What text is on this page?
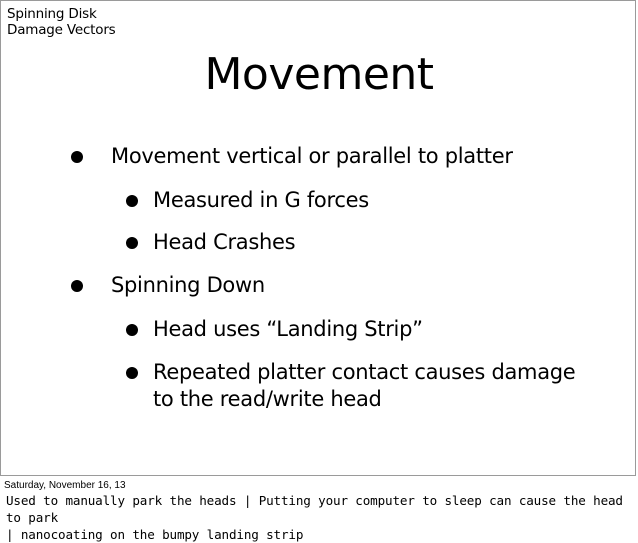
Spinning Disk
Damage Vectors
Movement
Movement vertical or parallel to platter
Measured in G forces
Head Crashes
Spinning Down
Head uses “Landing Strip”
Repeated platter contact causes damage
to the read/write head
Saturday, November 16, 13
Used to manually park the heads | Putting your computer to sleep can cause the head to park
| nanocoating on the bumpy landing strip
